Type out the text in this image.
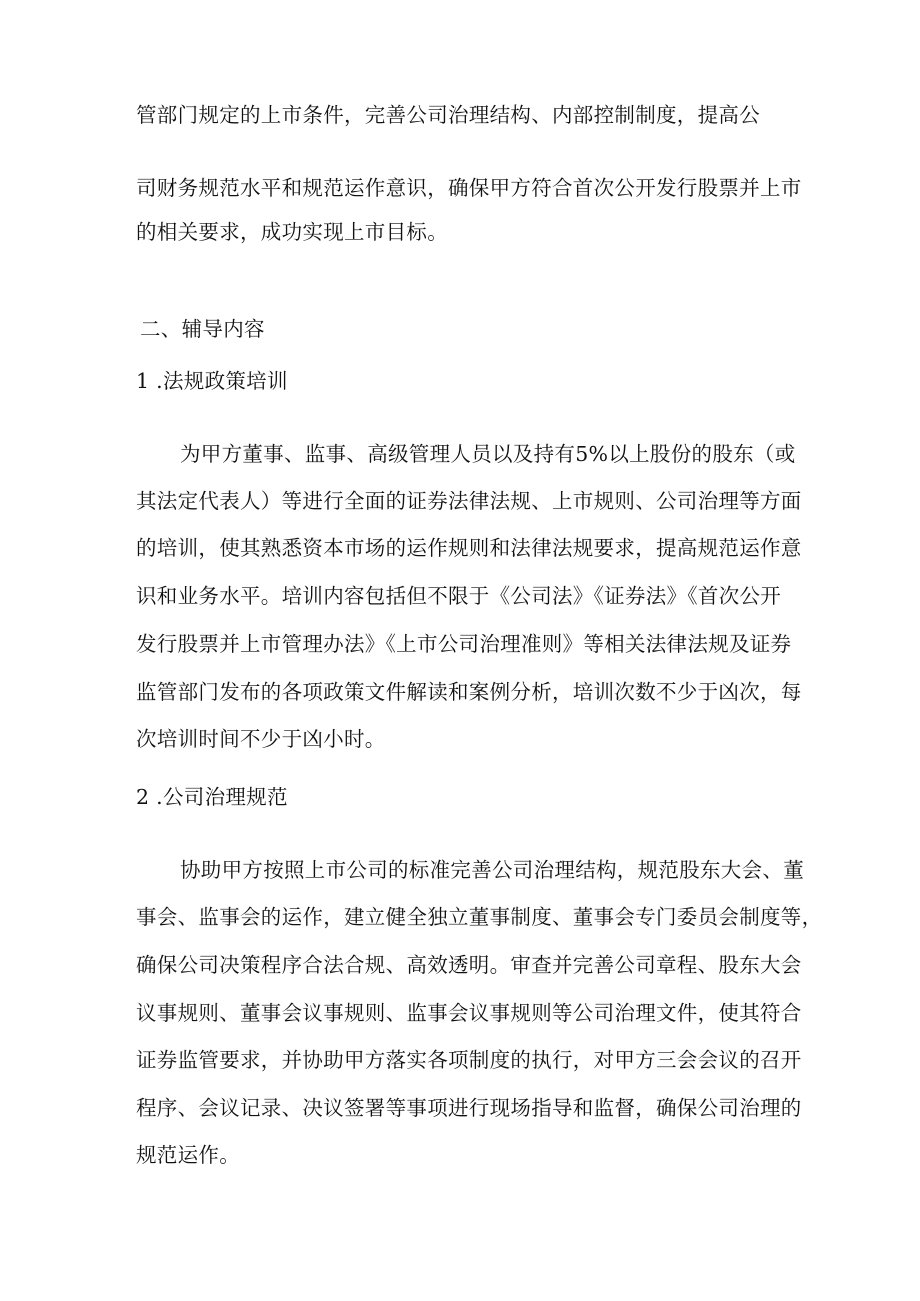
管部门规定的上市条件，完善公司治理结构、内部控制制度，提高公
司财务规范水平和规范运作意识，确保甲方符合首次公开发行股票并上市
的相关要求，成功实现上市目标。
二、辅导内容
1 .法规政策培训
为甲方董事、监事、高级管理人员以及持有5%以上股份的股东（或
其法定代表人）等进行全面的证券法律法规、上市规则、公司治理等方面
的培训，使其熟悉资本市场的运作规则和法律法规要求，提高规范运作意
识和业务水平。培训内容包括但不限于《公司法》《证券法》《首次公开
发行股票并上市管理办法》《上市公司治理准则》等相关法律法规及证券
监管部门发布的各项政策文件解读和案例分析，培训次数不少于凶次，每
次培训时间不少于凶小时。
2 .公司治理规范
协助甲方按照上市公司的标准完善公司治理结构，规范股东大会、董
事会、监事会的运作，建立健全独立董事制度、董事会专门委员会制度等，
确保公司决策程序合法合规、高效透明。审查并完善公司章程、股东大会
议事规则、董事会议事规则、监事会议事规则等公司治理文件，使其符合
证券监管要求，并协助甲方落实各项制度的执行，对甲方三会会议的召开
程序、会议记录、决议签署等事项进行现场指导和监督，确保公司治理的
规范运作。
